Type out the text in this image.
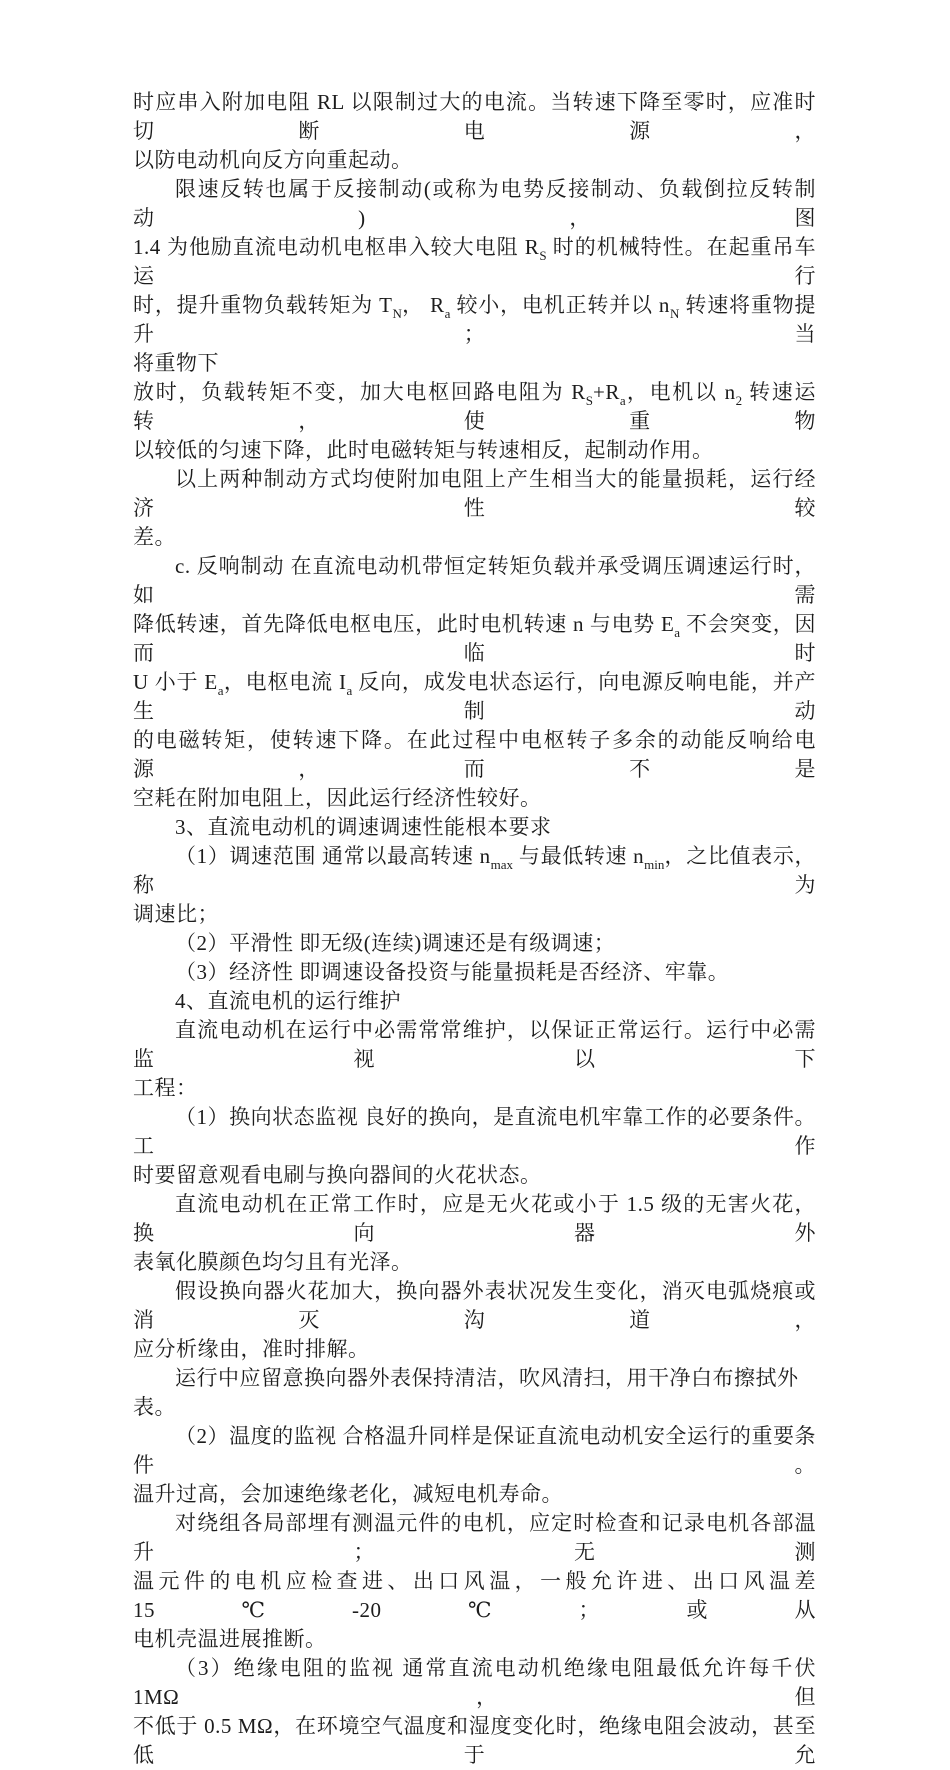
时应串入附加电阻 RL 以限制过大的电流。当转速下降至零时，应准时切断电源，

以防电动机向反方向重起动。

限速反转也属于反接制动(或称为电势反接制动、负载倒拉反转制动)，图

1.4 为他励直流电动机电枢串入较大电阻 $R_S$ 时的机械特性。在起重吊车运行

时，提升重物负载转矩为 $T_N$， $R_a$ 较小，电机正转并以 $n_N$ 转速将重物提升；当

将重物下

放时，负载转矩不变，加大电枢回路电阻为 $R_S+R_a$，电机以 $n_2$ 转速运转，使重物

以较低的匀速下降，此时电磁转矩与转速相反，起制动作用。

以上两种制动方式均使附加电阻上产生相当大的能量损耗，运行经济性较

差。

c. 反响制动 在直流电动机带恒定转矩负载并承受调压调速运行时，如需

降低转速，首先降低电枢电压，此时电机转速 n 与电势 $E_a$ 不会突变，因而临时

U 小于 $E_a$，电枢电流 $I_a$ 反向，成发电状态运行，向电源反响电能，并产生制动

的电磁转矩，使转速下降。在此过程中电枢转子多余的动能反响给电源，而不是

空耗在附加电阻上，因此运行经济性较好。

3、直流电动机的调速调速性能根本要求

（1）调速范围 通常以最高转速 $n_{max}$ 与最低转速 $n_{min}$，之比值表示，称为

调速比；

（2）平滑性 即无级(连续)调速还是有级调速；

（3）经济性 即调速设备投资与能量损耗是否经济、牢靠。

4、直流电机的运行维护

直流电动机在运行中必需常常维护，以保证正常运行。运行中必需监视以下

工程：

（1）换向状态监视 良好的换向，是直流电机牢靠工作的必要条件。工作

时要留意观看电刷与换向器间的火花状态。

直流电动机在正常工作时，应是无火花或小于 1.5 级的无害火花，换向器外

表氧化膜颜色均匀且有光泽。

假设换向器火花加大，换向器外表状况发生变化，消灭电弧烧痕或消灭沟道，

应分析缘由，准时排解。

运行中应留意换向器外表保持清洁，吹风清扫，用干净白布擦拭外表。

（2）温度的监视 合格温升同样是保证直流电动机安全运行的重要条件。

温升过高，会加速绝缘老化，减短电机寿命。

对绕组各局部埋有测温元件的电机，应定时检查和记录电机各部温升；无测

温元件的电机应检查进、出口风温，一般允许进、出口风温差 15℃-20℃；或从

电机壳温进展推断。

（3）绝缘电阻的监视 通常直流电动机绝缘电阻最低允许每千伏 1MΩ，但

不低于 0.5 MΩ，在环境空气温度和湿度变化时，绝缘电阻会波动，甚至低于允
